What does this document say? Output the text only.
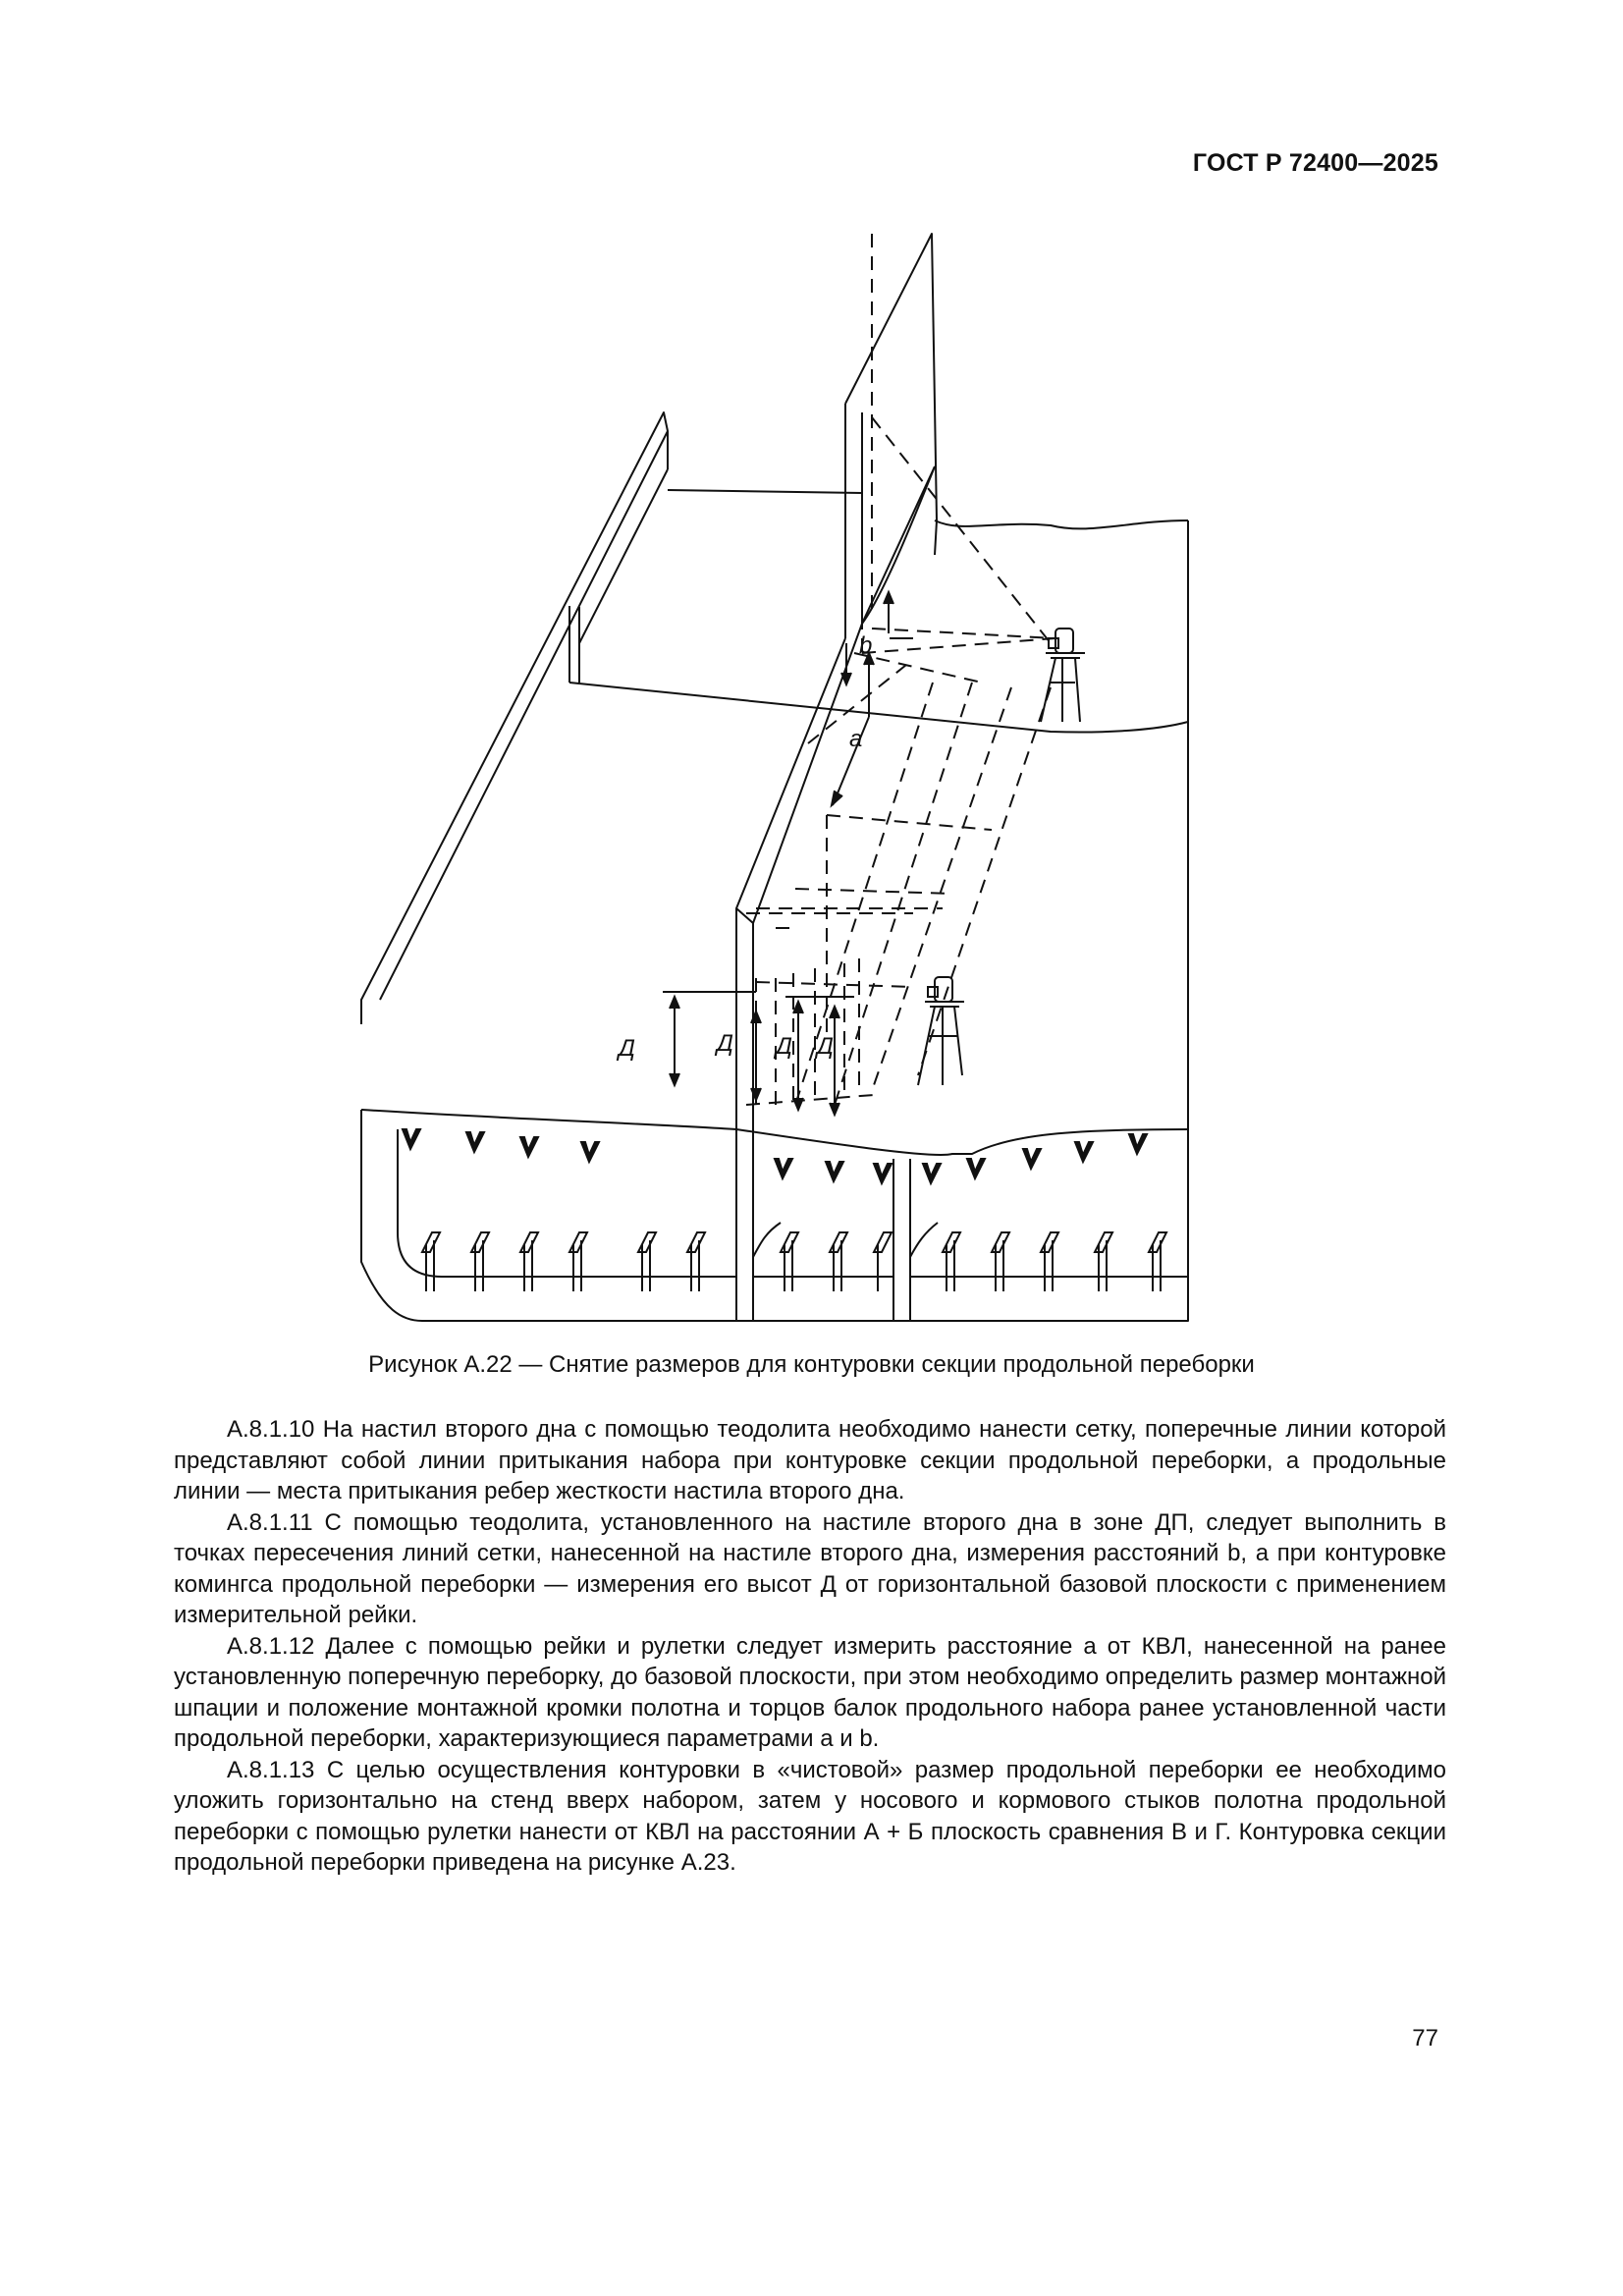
ГОСТ Р 72400—2025
b
a
Д	Д Д Д
Рисунок А.22 — Снятие размеров для контуровки секции продольной переборки

А.8.1.10 На настил второго дна с помощью теодолита необходимо нанести сетку, поперечные линии которой представляют собой линии притыкания набора при контуровке секции продольной переборки, а продольные линии — места притыкания ребер жесткости настила второго дна.

А.8.1.11 С помощью теодолита, установленного на настиле второго дна в зоне ДП, следует выполнить в точках пересечения линий сетки, нанесенной на настиле второго дна, измерения расстояний b, а при контуровке комингса продольной переборки — измерения его высот Д от горизонтальной базовой плоскости с применением измерительной рейки.

А.8.1.12 Далее с помощью рейки и рулетки следует измерить расстояние a от КВЛ, нанесенной на ранее установленную поперечную переборку, до базовой плоскости, при этом необходимо определить размер монтажной шпации и положение монтажной кромки полотна и торцов балок продольного набора ранее установленной части продольной переборки, характеризующиеся параметрами a и b.

А.8.1.13 С целью осуществления контуровки в «чистовой» размер продольной переборки ее необходимо уложить горизонтально на стенд вверх набором, затем у носового и кормового стыков полотна продольной переборки с помощью рулетки нанести от КВЛ на расстоянии А + Б плоскость сравнения В и Г. Контуровка секции продольной переборки приведена на рисунке А.23.

77
